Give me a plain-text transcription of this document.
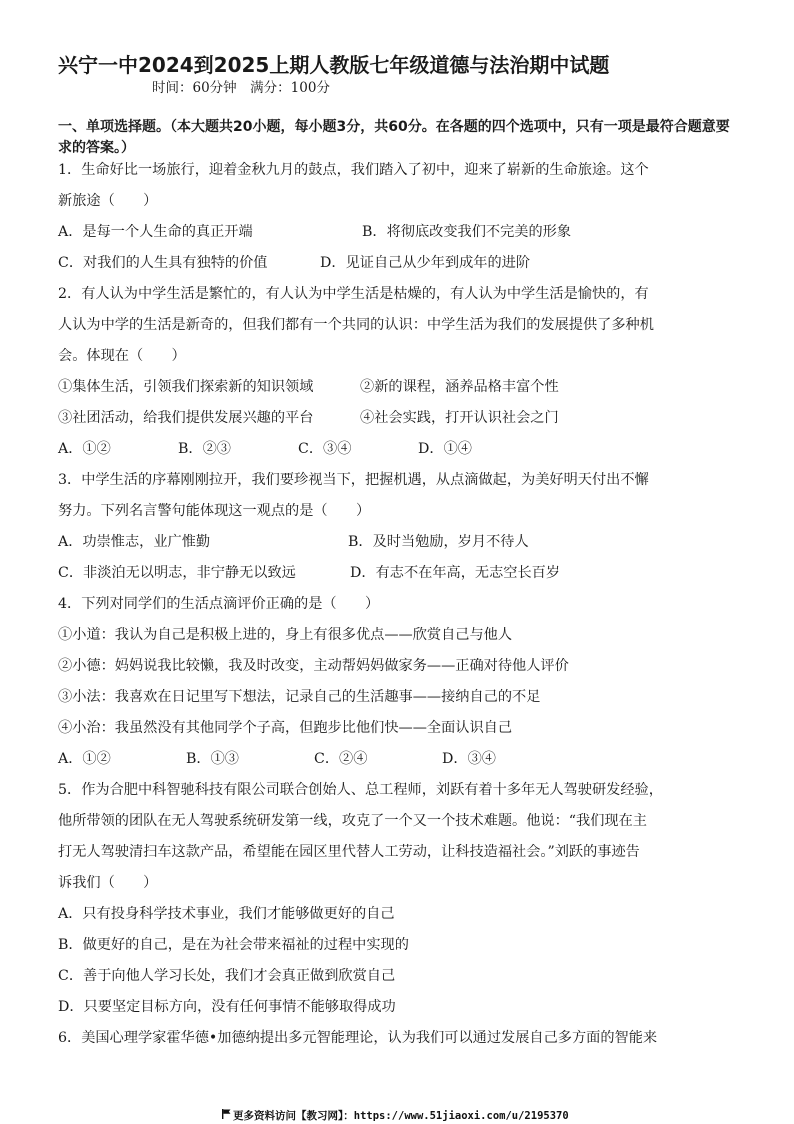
兴宁一中2024到2025上期人教版七年级道德与法治期中试题
时间：60分钟　满分：100分
一、单项选择题。（本大题共20小题，每小题3分，共60分。在各题的四个选项中，只有一项是最符合题意要求的答案。）
1．生命好比一场旅行，迎着金秋九月的鼓点，我们踏入了初中，迎来了崭新的生命旅途。这个
新旅途（　　）
A．是每一个人生命的真正开端	B．将彻底改变我们不完美的形象
C．对我们的人生具有独特的价值	D．见证自己从少年到成年的进阶
2．有人认为中学生活是繁忙的，有人认为中学生活是枯燥的，有人认为中学生活是愉快的，有
人认为中学的生活是新奇的，但我们都有一个共同的认识：中学生活为我们的发展提供了多种机
会。体现在（　　）
①集体生活，引领我们探索新的知识领域	②新的课程，涵养品格丰富个性
③社团活动，给我们提供发展兴趣的平台	④社会实践，打开认识社会之门
A．①②	B．②③	C．③④	D．①④
3．中学生活的序幕刚刚拉开，我们要珍视当下，把握机遇，从点滴做起，为美好明天付出不懈
努力。下列名言警句能体现这一观点的是（　　）
A．功崇惟志，业广惟勤	B．及时当勉励，岁月不待人
C．非淡泊无以明志，非宁静无以致远	D．有志不在年高，无志空长百岁
4．下列对同学们的生活点滴评价正确的是（　　）
①小道：我认为自己是积极上进的，身上有很多优点——欣赏自己与他人
②小德：妈妈说我比较懒，我及时改变，主动帮妈妈做家务——正确对待他人评价
③小法：我喜欢在日记里写下想法，记录自己的生活趣事——接纳自己的不足
④小治：我虽然没有其他同学个子高，但跑步比他们快——全面认识自己
A．①②	B．①③	C．②④	D．③④
5．作为合肥中科智驰科技有限公司联合创始人、总工程师，刘跃有着十多年无人驾驶研发经验，
他所带领的团队在无人驾驶系统研发第一线，攻克了一个又一个技术难题。他说：“我们现在主
打无人驾驶清扫车这款产品，希望能在园区里代替人工劳动，让科技造福社会。”刘跃的事迹告
诉我们（　　）
A．只有投身科学技术事业，我们才能够做更好的自己
B．做更好的自己，是在为社会带来福祉的过程中实现的
C．善于向他人学习长处，我们才会真正做到欣赏自己
D．只要坚定目标方向，没有任何事情不能够取得成功
6．美国心理学家霍华德•加德纳提出多元智能理论，认为我们可以通过发展自己多方面的智能来
更多资料访问【教习网】：https://www.51jiaoxi.com/u/2195370
